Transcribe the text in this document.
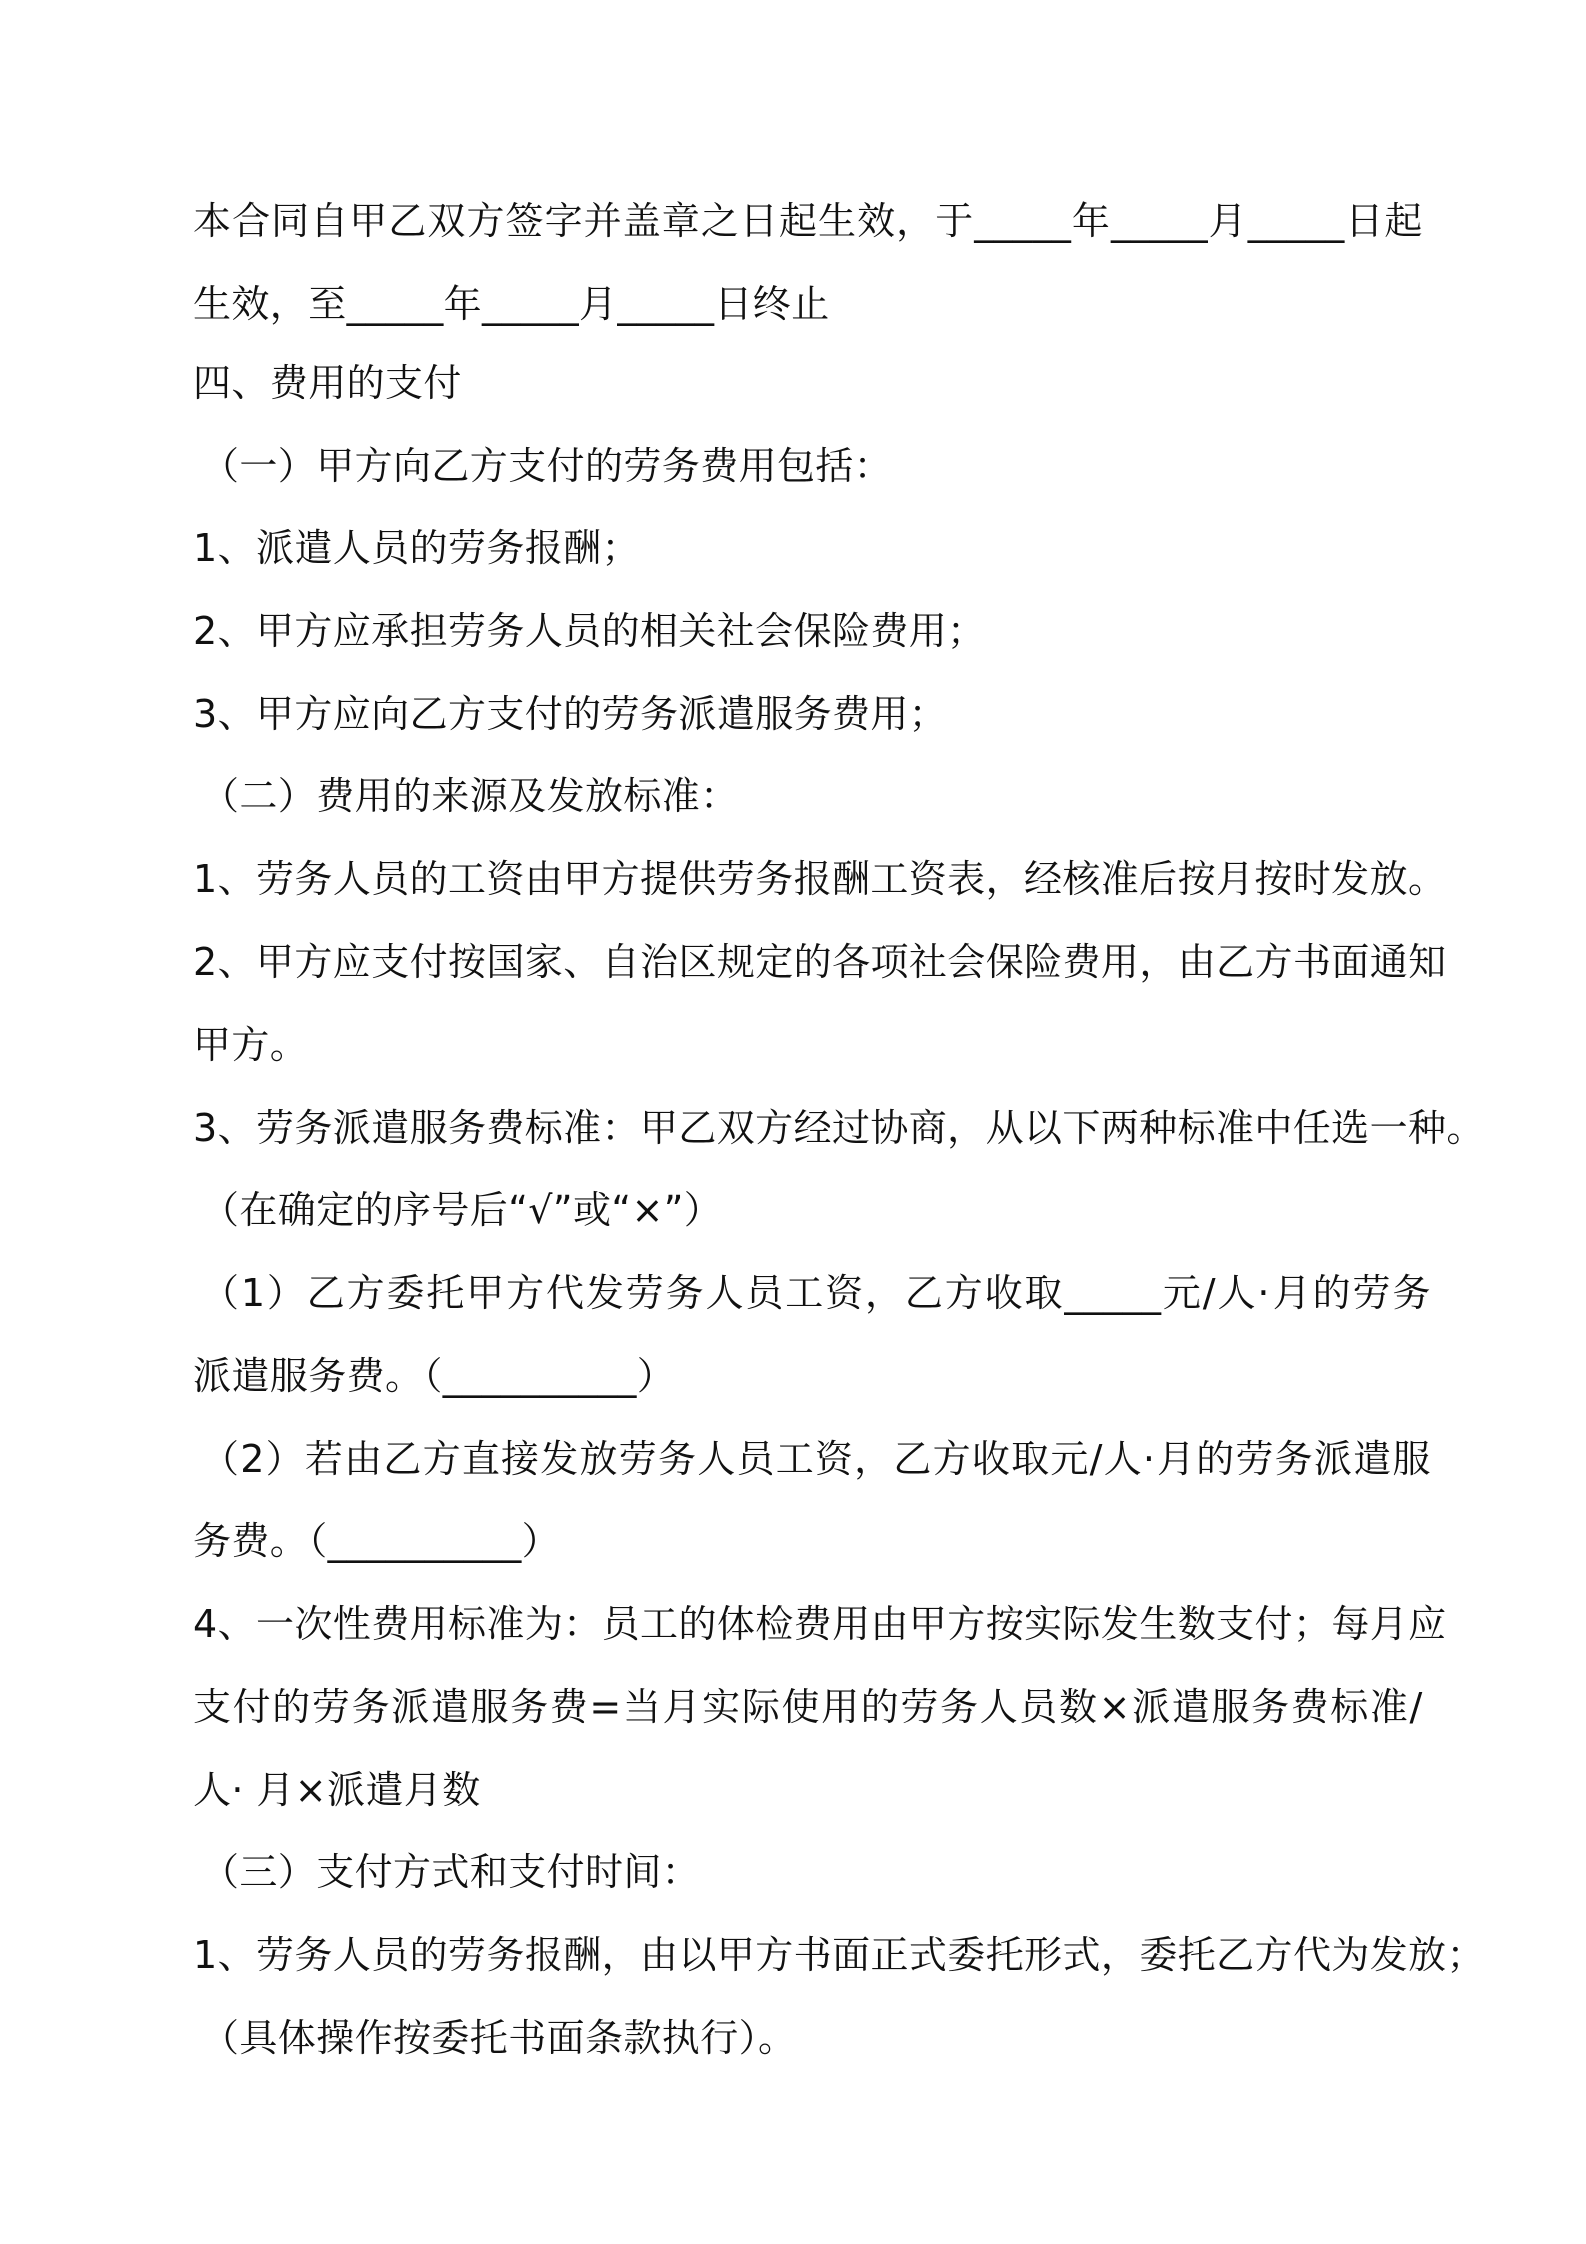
本 合 同 自 甲 乙 双 方 签 字 并 盖 章 之 日 起 生 效 ， 于 _____ 年 _____ 月 _____ 日 起
生效，至_____年_____月_____日终止
四、费用的支付
（一）甲方向乙方支付的劳务费用包括：
1、派遣人员的劳务报酬；
2、甲方应承担劳务人员的相关社会保险费用；
3、甲方应向乙方支付的劳务派遣服务费用；
（二）费用的来源及发放标准：
1、劳务人员的工资由甲方提供劳务报酬工资表，经核准后按月按时发放。
2 、 甲 方 应 支 付 按 国 家 、 自 治 区 规 定 的 各 项 社 会 保 险 费 用 ， 由 乙 方 书 面 通 知
甲方。
3、劳务派遣服务费标准：甲乙双方经过协商，从以下两种标准中任选一种。
（在确定的序号后“√”或“×”）
（ 1 ） 乙 方 委 托 甲 方 代 发 劳 务 人 员 工 资 ， 乙 方 收 取 _____ 元 / 人 · 月 的 劳 务
派遣服务费。（__________）
（ 2 ） 若 由 乙 方 直 接 发 放 劳 务 人 员 工 资 ， 乙 方 收 取 元 / 人 · 月 的 劳 务 派 遣 服
务费。（__________）
4 、 一 次 性 费 用 标 准 为 ： 员 工 的 体 检 费 用 由 甲 方 按 实 际 发 生 数 支 付 ； 每 月 应
支 付 的 劳 务 派 遣 服 务 费 = 当 月 实 际 使 用 的 劳 务 人 员 数 × 派 遣 服 务 费 标 准 /
人· 月×派遣月数
（三）支付方式和支付时间：
1 、 劳 务 人 员 的 劳 务 报 酬 ， 由 以 甲 方 书 面 正 式 委 托 形 式 ， 委 托 乙 方 代 为 发 放 ；
（具体操作按委托书面条款执行）。
